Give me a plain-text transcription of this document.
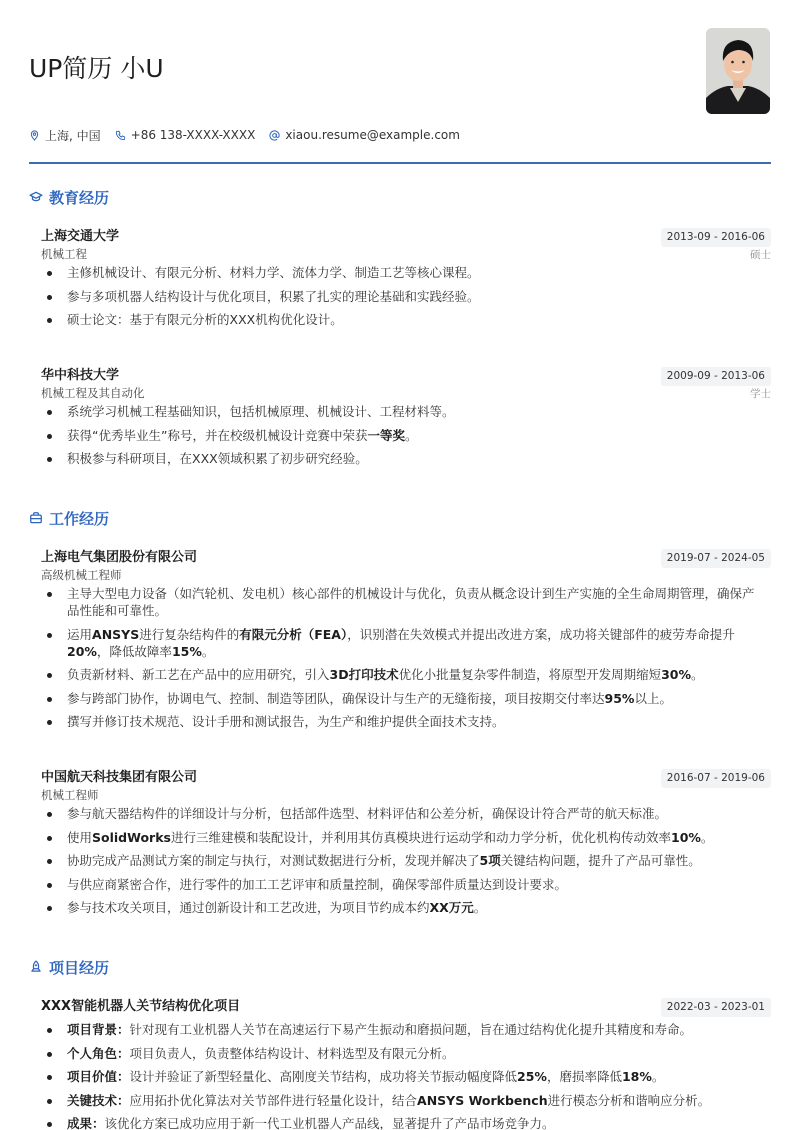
UP简历 小U
上海, 中国	+86 138-XXXX-XXXX	xiaou.resume@example.com
教育经历
上海交通大学
机械工程
2013-09 - 2016-06
硕士
主修机械设计、有限元分析、材料力学、流体力学、制造工艺等核心课程。
参与多项机器人结构设计与优化项目，积累了扎实的理论基础和实践经验。
硕士论文：基于有限元分析的XXX机构优化设计。
华中科技大学
机械工程及其自动化
2009-09 - 2013-06
学士
系统学习机械工程基础知识，包括机械原理、机械设计、工程材料等。
获得“优秀毕业生”称号，并在校级机械设计竞赛中荣获一等奖。
积极参与科研项目，在XXX领域积累了初步研究经验。
工作经历
上海电气集团股份有限公司
高级机械工程师
2019-07 - 2024-05
主导大型电力设备（如汽轮机、发电机）核心部件的机械设计与优化，负责从概念设计到生产实施的全生命周期管理，确保产品性能和可靠性。
运用ANSYS进行复杂结构件的有限元分析（FEA），识别潜在失效模式并提出改进方案，成功将关键部件的疲劳寿命提升20%，降低故障率15%。
负责新材料、新工艺在产品中的应用研究，引入3D打印技术优化小批量复杂零件制造，将原型开发周期缩短30%。
参与跨部门协作，协调电气、控制、制造等团队，确保设计与生产的无缝衔接，项目按期交付率达95%以上。
撰写并修订技术规范、设计手册和测试报告，为生产和维护提供全面技术支持。
中国航天科技集团有限公司
机械工程师
2016-07 - 2019-06
参与航天器结构件的详细设计与分析，包括部件选型、材料评估和公差分析，确保设计符合严苛的航天标准。
使用SolidWorks进行三维建模和装配设计，并利用其仿真模块进行运动学和动力学分析，优化机构传动效率10%。
协助完成产品测试方案的制定与执行，对测试数据进行分析，发现并解决了5项关键结构问题，提升了产品可靠性。
与供应商紧密合作，进行零件的加工工艺评审和质量控制，确保零部件质量达到设计要求。
参与技术攻关项目，通过创新设计和工艺改进，为项目节约成本约XX万元。
项目经历
XXX智能机器人关节结构优化项目	2022-03 - 2023-01
项目背景：针对现有工业机器人关节在高速运行下易产生振动和磨损问题，旨在通过结构优化提升其精度和寿命。
个人角色：项目负责人，负责整体结构设计、材料选型及有限元分析。
项目价值：设计并验证了新型轻量化、高刚度关节结构，成功将关节振动幅度降低25%，磨损率降低18%。
关键技术：应用拓扑优化算法对关节部件进行轻量化设计，结合ANSYS Workbench进行模态分析和谐响应分析。
成果：该优化方案已成功应用于新一代工业机器人产品线，显著提升了产品市场竞争力。
